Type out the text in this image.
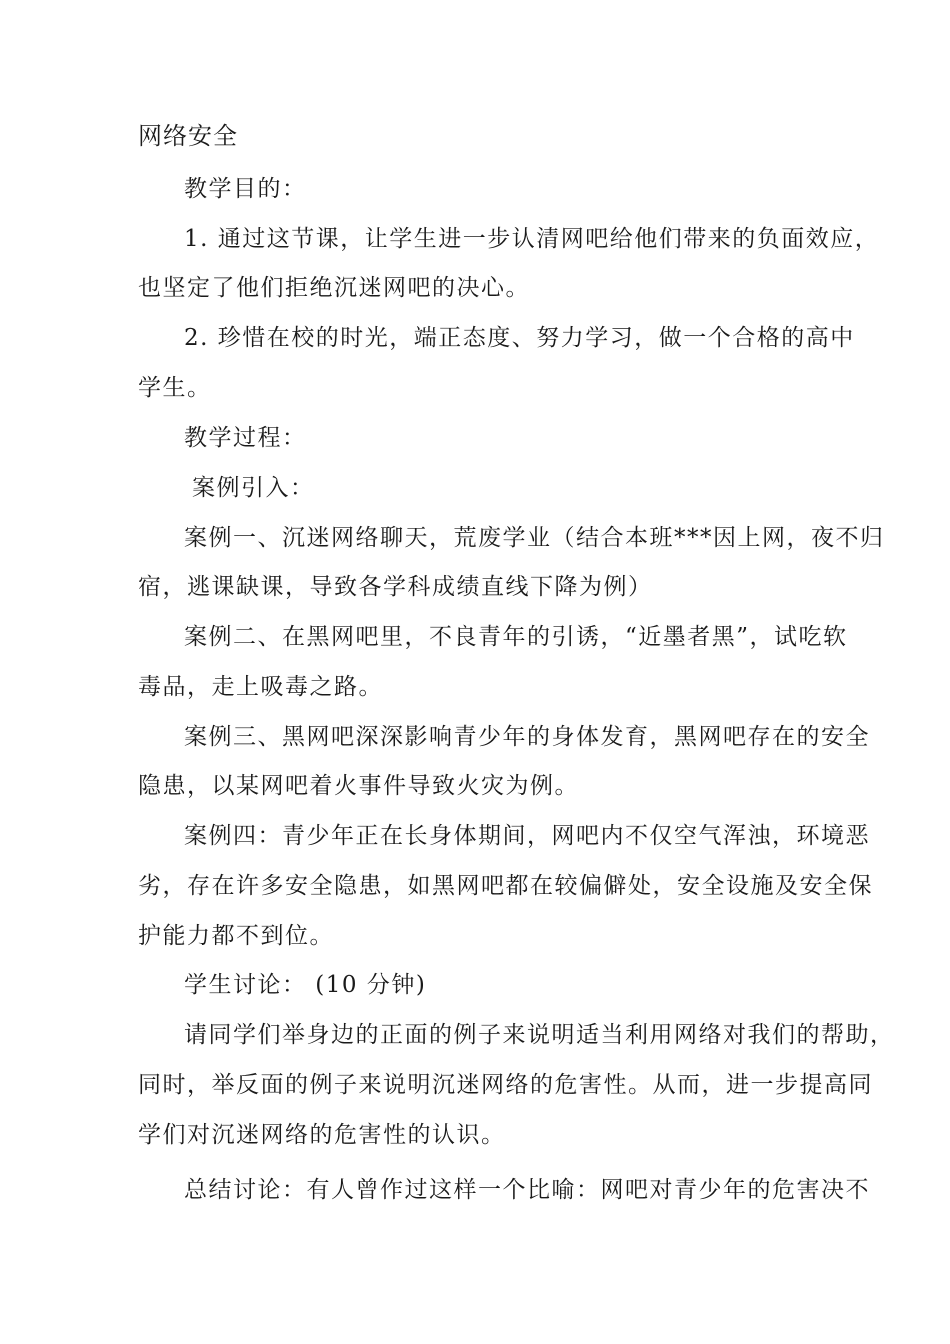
网络安全
教学目的：
1. 通过这节课，让学生进一步认清网吧给他们带来的负面效应，
也坚定了他们拒绝沉迷网吧的决心。
2. 珍惜在校的时光，端正态度、努力学习，做一个合格的高中
学生。
教学过程：
案例引入：
案例一、沉迷网络聊天，荒废学业（结合本班***因上网，夜不归
宿，逃课缺课，导致各学科成绩直线下降为例）
案例二、在黑网吧里，不良青年的引诱，“近墨者黑”，试吃软
毒品，走上吸毒之路。
案例三、黑网吧深深影响青少年的身体发育，黑网吧存在的安全
隐患，以某网吧着火事件导致火灾为例。
案例四：青少年正在长身体期间，网吧内不仅空气浑浊，环境恶
劣，存在许多安全隐患，如黑网吧都在较偏僻处，安全设施及安全保
护能力都不到位。
学生讨论： (10 分钟)
请同学们举身边的正面的例子来说明适当利用网络对我们的帮助，
同时，举反面的例子来说明沉迷网络的危害性。从而，进一步提高同
学们对沉迷网络的危害性的认识。
总结讨论：有人曾作过这样一个比喻：网吧对青少年的危害决不
